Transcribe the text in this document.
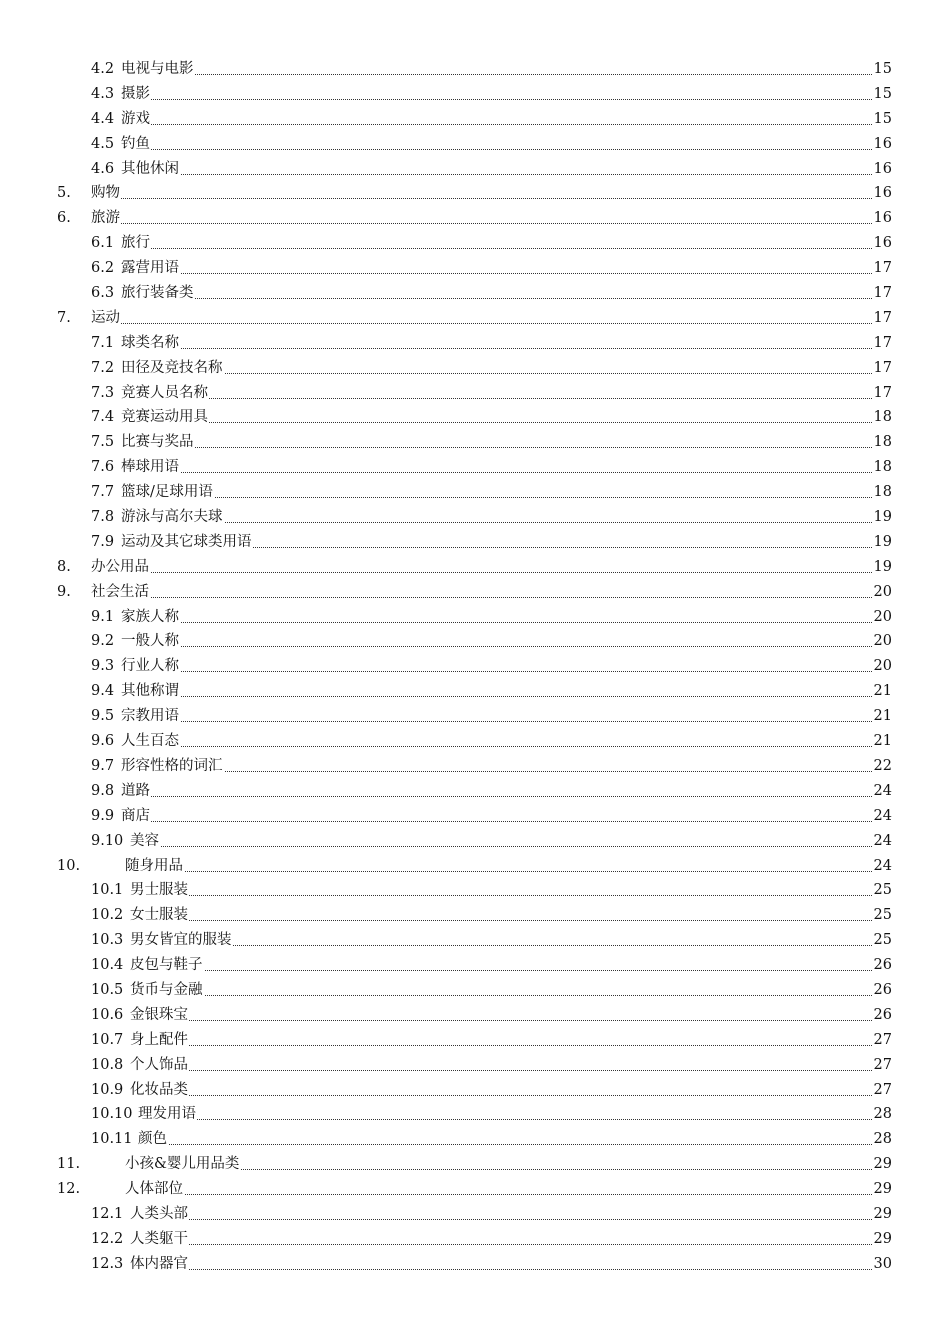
4.2 电视与电影	15
4.3 摄影	15
4.4 游戏	15
4.5 钓鱼	16
4.6 其他休闲	16
5. 购物	16
6. 旅游	16
6.1 旅行	16
6.2 露营用语	17
6.3 旅行装备类	17
7. 运动	17
7.1 球类名称	17
7.2 田径及竞技名称	17
7.3 竞赛人员名称	17
7.4 竞赛运动用具	18
7.5 比赛与奖品	18
7.6 棒球用语	18
7.7 篮球/足球用语	18
7.8 游泳与高尔夫球	19
7.9 运动及其它球类用语	19
8. 办公用品	19
9. 社会生活	20
9.1 家族人称	20
9.2 一般人称	20
9.3 行业人称	20
9.4 其他称谓	21
9.5 宗教用语	21
9.6 人生百态	21
9.7 形容性格的词汇	22
9.8 道路	24
9.9 商店	24
9.10 美容	24
10.	随身用品	24
10.1 男士服装	25
10.2 女士服装	25
10.3 男女皆宜的服装	25
10.4 皮包与鞋子	26
10.5 货币与金融	26
10.6 金银珠宝	26
10.7 身上配件	27
10.8 个人饰品	27
10.9 化妆品类	27
10.10 理发用语	28
10.11 颜色	28
11.	小孩&婴儿用品类	29
12.	人体部位	29
12.1 人类头部	29
12.2 人类躯干	29
12.3 体内器官	30
